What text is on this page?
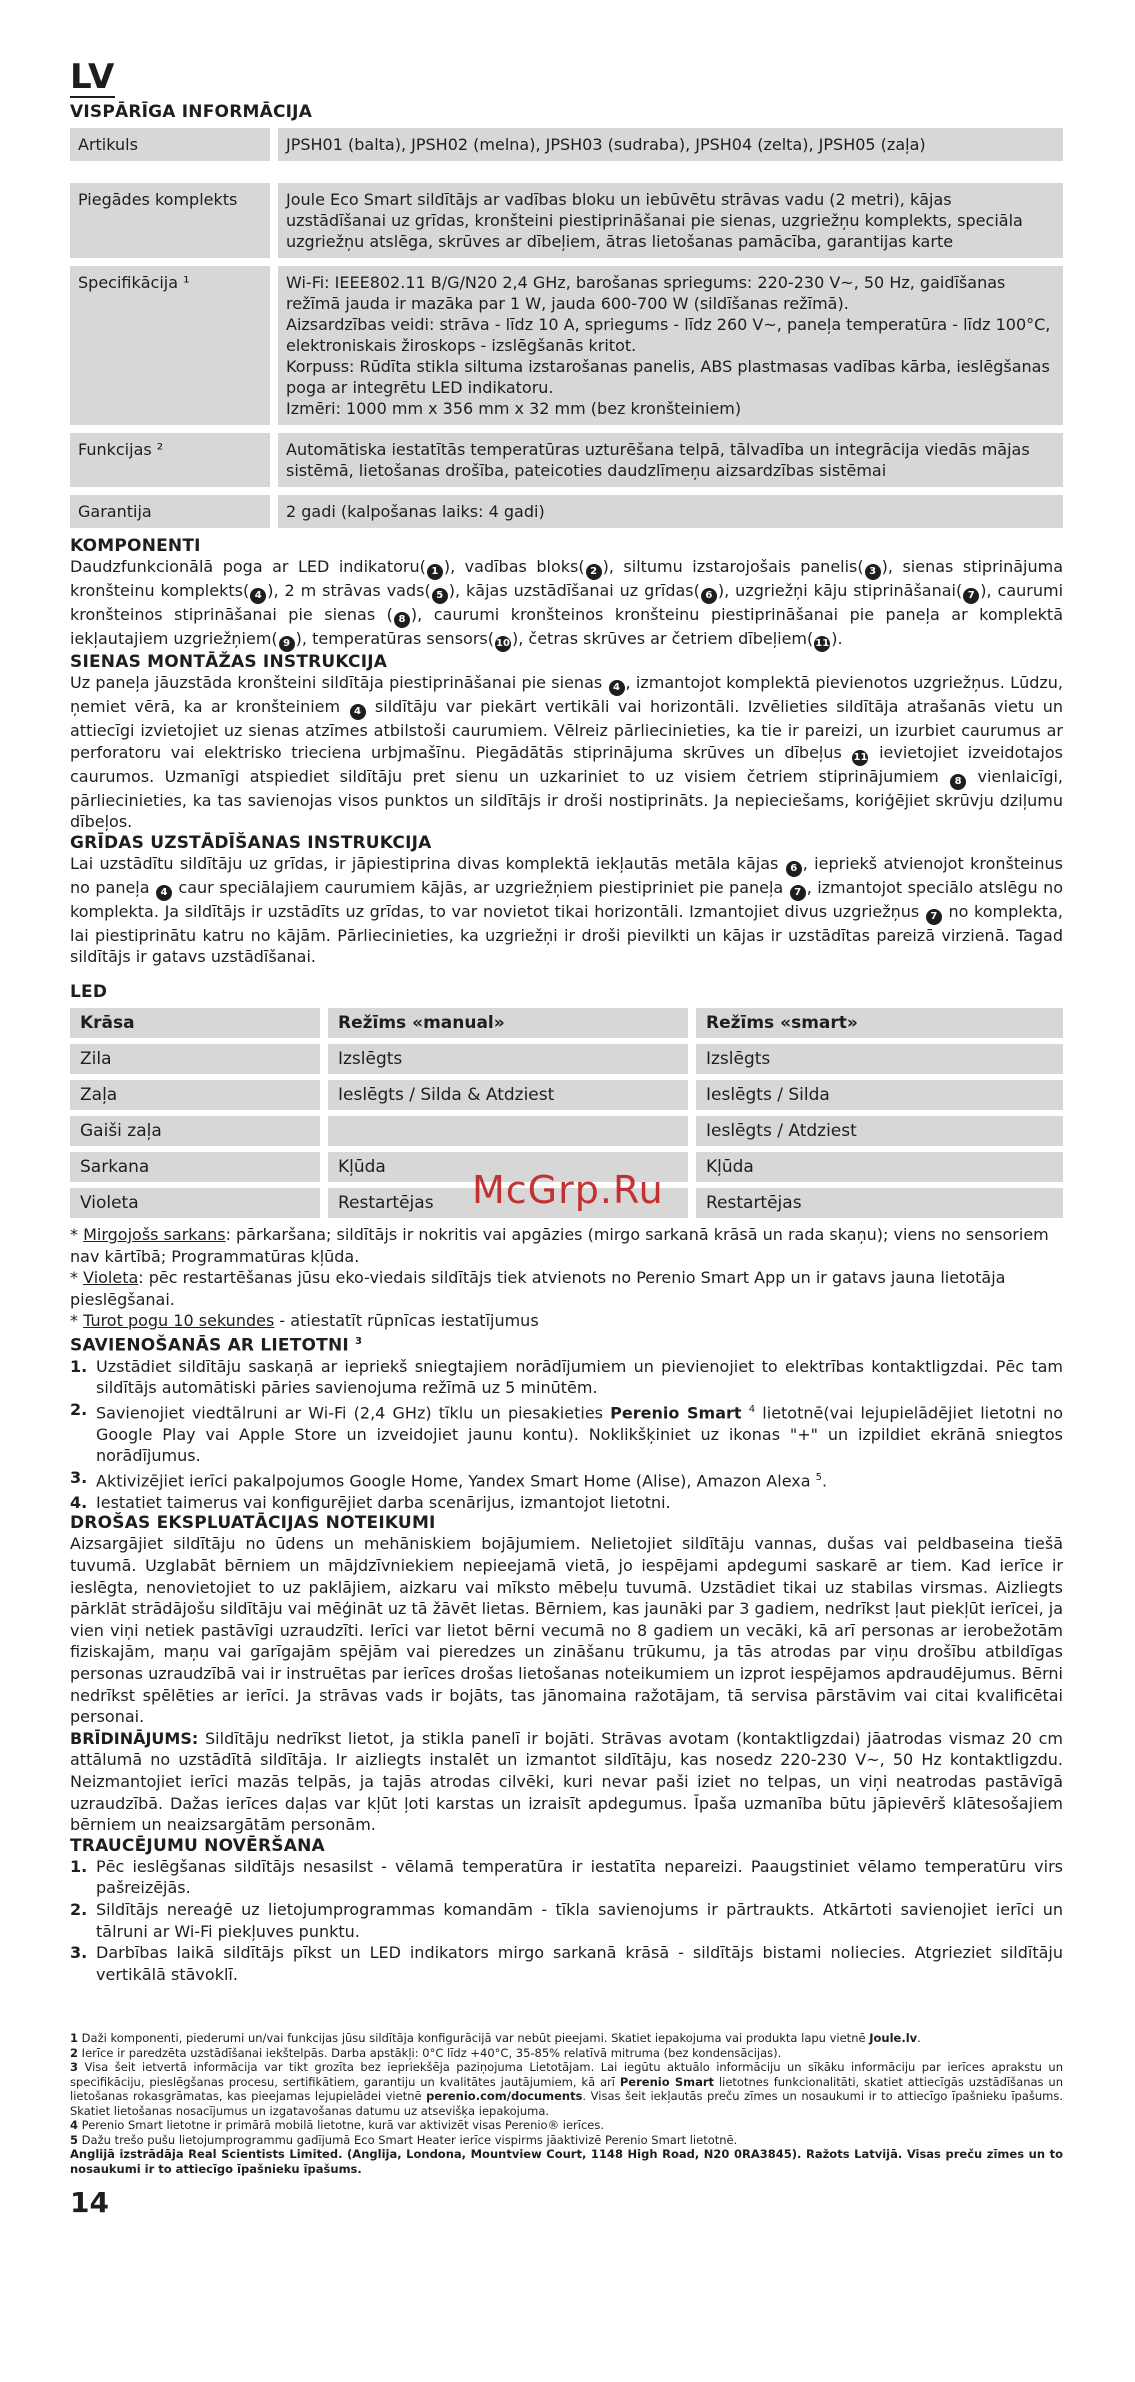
LV
VISPĀRĪGA INFORMĀCIJA
Artikuls	JPSH01 (balta), JPSH02 (melna), JPSH03 (sudraba), JPSH04 (zelta), JPSH05 (zaļa)
Piegādes komplekts	Joule Eco Smart sildītājs ar vadības bloku un iebūvētu strāvas vadu (2 metri), kājas uzstādīšanai uz grīdas, kronšteini piestiprināšanai pie sienas, uzgriežņu komplekts, speciāla uzgriežņu atslēga, skrūves ar dībeļiem, ātras lietošanas pamācība, garantijas karte
Specifikācija ¹	Wi-Fi: IEEE802.11 B/G/N20 2,4 GHz, barošanas spriegums: 220-230 V~, 50 Hz, gaidīšanas režīmā jauda ir mazāka par 1 W, jauda 600-700 W (sildīšanas režīmā).
Aizsardzības veidi: strāva - līdz 10 A, spriegums - līdz 260 V~, paneļa temperatūra - līdz 100°C, elektroniskais žiroskops - izslēgšanās kritot.
Korpuss: Rūdīta stikla siltuma izstarošanas panelis, ABS plastmasas vadības kārba, ieslēgšanas poga ar integrētu LED indikatoru.
Izmēri: 1000 mm x 356 mm x 32 mm (bez kronšteiniem)
Funkcijas ²	Automātiska iestatītās temperatūras uzturēšana telpā, tālvadība un integrācija viedās mājas sistēmā, lietošanas drošība, pateicoties daudzlīmeņu aizsardzības sistēmai
Garantija	2 gadi (kalpošanas laiks: 4 gadi)
KOMPONENTI

Daudzfunkcionālā poga ar LED indikatoru( 1 ), vadības bloks( 2 ), siltumu izstarojošais panelis( 3 ), sienas stiprinājuma kronšteinu komplekts( 4 ), 2 m strāvas vads( 5 ), kājas uzstādīšanai uz grīdas( 6 ), uzgriežņi kāju stiprināšanai( 7 ), caurumi kronšteinos stiprināšanai pie sienas ( 8 ), caurumi kronšteinos kronšteinu piestiprināšanai pie paneļa ar komplektā iekļautajiem uzgriežņiem( 9 ), temperatūras sensors( 10 ), četras skrūves ar četriem dībeļiem( 11 ).

SIENAS MONTĀŽAS INSTRUKCIJA

Uz paneļa jāuzstāda kronšteini sildītāja piestiprināšanai pie sienas 4 , izmantojot komplektā pievienotos uzgriežņus. Lūdzu, ņemiet vērā, ka ar kronšteiniem 4 sildītāju var piekārt vertikāli vai horizontāli. Izvēlieties sildītāja atrašanās vietu un attiecīgi izvietojiet uz sienas atzīmes atbilstoši caurumiem. Vēlreiz pārliecinieties, ka tie ir pareizi, un izurbiet caurumus ar perforatoru vai elektrisko trieciena urbjmašīnu. Piegādātās stiprinājuma skrūves un dībeļus 11 ievietojiet izveidotajos caurumos. Uzmanīgi atspiediet sildītāju pret sienu un uzkariniet to uz visiem četriem stiprinājumiem 8 vienlaicīgi, pārliecinieties, ka tas savienojas visos punktos un sildītājs ir droši nostiprināts. Ja nepieciešams, koriģējiet skrūvju dziļumu dībeļos.

GRĪDAS UZSTĀDĪŠANAS INSTRUKCIJA

Lai uzstādītu sildītāju uz grīdas, ir jāpiestiprina divas komplektā iekļautās metāla kājas 6 , iepriekš atvienojot kronšteinus no paneļa 4 caur speciālajiem caurumiem kājās, ar uzgriežņiem piestipriniet pie paneļa 7 , izmantojot speciālo atslēgu no komplekta. Ja sildītājs ir uzstādīts uz grīdas, to var novietot tikai horizontāli. Izmantojiet divus uzgriežņus 7 no komplekta, lai piestiprinātu katru no kājām. Pārliecinieties, ka uzgriežņi ir droši pievilkti un kājas ir uzstādītas pareizā virzienā. Tagad sildītājs ir gatavs uzstādīšanai.

LED
Krāsa	Režīms «manual»	Režīms «smart»
Zila	Izslēgts	Izslēgts
Zaļa	Ieslēgts / Silda & Atdziest	Ieslēgts / Silda
Gaiši zaļa		Ieslēgts / Atdziest
Sarkana	Kļūda	Kļūda
Violeta	Restartējas	Restartējas

* Mirgojošs sarkans: pārkaršana; sildītājs ir nokritis vai apgāzies (mirgo sarkanā krāsā un rada skaņu); viens no sensoriem nav kārtībā; Programmatūras kļūda.

* Violeta: pēc restartēšanas jūsu eko-viedais sildītājs tiek atvienots no Perenio Smart App un ir gatavs jauna lietotāja pieslēgšanai.

* Turot pogu 10 sekundes - atiestatīt rūpnīcas iestatījumus

SAVIENOŠANĀS AR LIETOTNI $^3$
1. Uzstādiet sildītāju saskaņā ar iepriekš sniegtajiem norādījumiem un pievienojiet to elektrības kontaktligzdai. Pēc tam sildītājs automātiski pāries savienojuma režīmā uz 5 minūtēm.
2. Savienojiet viedtālruni ar Wi-Fi (2,4 GHz) tīklu un piesakieties Perenio Smart $^4$ lietotnē(vai lejupielādējiet lietotni no Google Play vai Apple Store un izveidojiet jaunu kontu). Noklikšķiniet uz ikonas "+" un izpildiet ekrānā sniegtos norādījumus.
3. Aktivizējiet ierīci pakalpojumos Google Home, Yandex Smart Home (Alise), Amazon Alexa $^5$.
4. Iestatiet taimerus vai konfigurējiet darba scenārijus, izmantojot lietotni.
DROŠAS EKSPLUATĀCIJAS NOTEIKUMI

Aizsargājiet sildītāju no ūdens un mehāniskiem bojājumiem. Nelietojiet sildītāju vannas, dušas vai peldbaseina tiešā tuvumā. Uzglabāt bērniem un mājdzīvniekiem nepieejamā vietā, jo iespējami apdegumi saskarē ar tiem. Kad ierīce ir ieslēgta, nenovietojiet to uz paklājiem, aizkaru vai mīksto mēbeļu tuvumā. Uzstādiet tikai uz stabilas virsmas. Aizliegts pārklāt strādājošu sildītāju vai mēģināt uz tā žāvēt lietas. Bērniem, kas jaunāki par 3 gadiem, nedrīkst ļaut piekļūt ierīcei, ja vien viņi netiek pastāvīgi uzraudzīti. Ierīci var lietot bērni vecumā no 8 gadiem un vecāki, kā arī personas ar ierobežotām fiziskajām, maņu vai garīgajām spējām vai pieredzes un zināšanu trūkumu, ja tās atrodas par viņu drošību atbildīgas personas uzraudzībā vai ir instruētas par ierīces drošas lietošanas noteikumiem un izprot iespējamos apdraudējumus. Bērni nedrīkst spēlēties ar ierīci. Ja strāvas vads ir bojāts, tas jānomaina ražotājam, tā servisa pārstāvim vai citai kvalificētai personai.

BRĪDINĀJUMS: Sildītāju nedrīkst lietot, ja stikla panelī ir bojāti. Strāvas avotam (kontaktligzdai) jāatrodas vismaz 20 cm attālumā no uzstādītā sildītāja. Ir aizliegts instalēt un izmantot sildītāju, kas nosedz 220-230 V~, 50 Hz kontaktligzdu. Neizmantojiet ierīci mazās telpās, ja tajās atrodas cilvēki, kuri nevar paši iziet no telpas, un viņi neatrodas pastāvīgā uzraudzībā. Dažas ierīces daļas var kļūt ļoti karstas un izraisīt apdegumus. Īpaša uzmanība būtu jāpievērš klātesošajiem bērniem un neaizsargātām personām.

TRAUCĒJUMU NOVĒRŠANA
1. Pēc ieslēgšanas sildītājs nesasilst - vēlamā temperatūra ir iestatīta nepareizi. Paaugstiniet vēlamo temperatūru virs pašreizējās.
2. Sildītājs nereaģē uz lietojumprogrammas komandām - tīkla savienojums ir pārtraukts. Atkārtoti savienojiet ierīci un tālruni ar Wi-Fi piekļuves punktu.
3. Darbības laikā sildītājs pīkst un LED indikators mirgo sarkanā krāsā - sildītājs bistami noliecies. Atgrieziet sildītāju vertikālā stāvoklī.

1 Daži komponenti, piederumi un/vai funkcijas jūsu sildītāja konfigurācijā var nebūt pieejami. Skatiet iepakojuma vai produkta lapu vietnē Joule.lv.

2 Ierīce ir paredzēta uzstādīšanai iekštelpās. Darba apstākļi: 0°C līdz +40°C, 35-85% relatīvā mitruma (bez kondensācijas).

3 Visa šeit ietvertā informācija var tikt grozīta bez iepriekšēja paziņojuma Lietotājam. Lai iegūtu aktuālo informāciju un sīkāku informāciju par ierīces aprakstu un specifikāciju, pieslēgšanas procesu, sertifikātiem, garantiju un kvalitātes jautājumiem, kā arī Perenio Smart lietotnes funkcionalitāti, skatiet attiecīgās uzstādīšanas un lietošanas rokasgrāmatas, kas pieejamas lejupielādei vietnē perenio.com/documents. Visas šeit iekļautās preču zīmes un nosaukumi ir to attiecīgo īpašnieku īpašums. Skatiet lietošanas nosacījumus un izgatavošanas datumu uz atsevišķa iepakojuma.

4 Perenio Smart lietotne ir primārā mobilā lietotne, kurā var aktivizēt visas Perenio® ierīces.

5 Dažu trešo pušu lietojumprogrammu gadījumā Eco Smart Heater ierīce vispirms jāaktivizē Perenio Smart lietotnē.

Anglijā izstrādāja Real Scientists Limited. (Anglija, Londona, Mountview Court, 1148 High Road, N20 0RA3845). Ražots Latvijā. Visas preču zīmes un to nosaukumi ir to attiecīgo īpašnieku īpašums.

14
McGrp.Ru
